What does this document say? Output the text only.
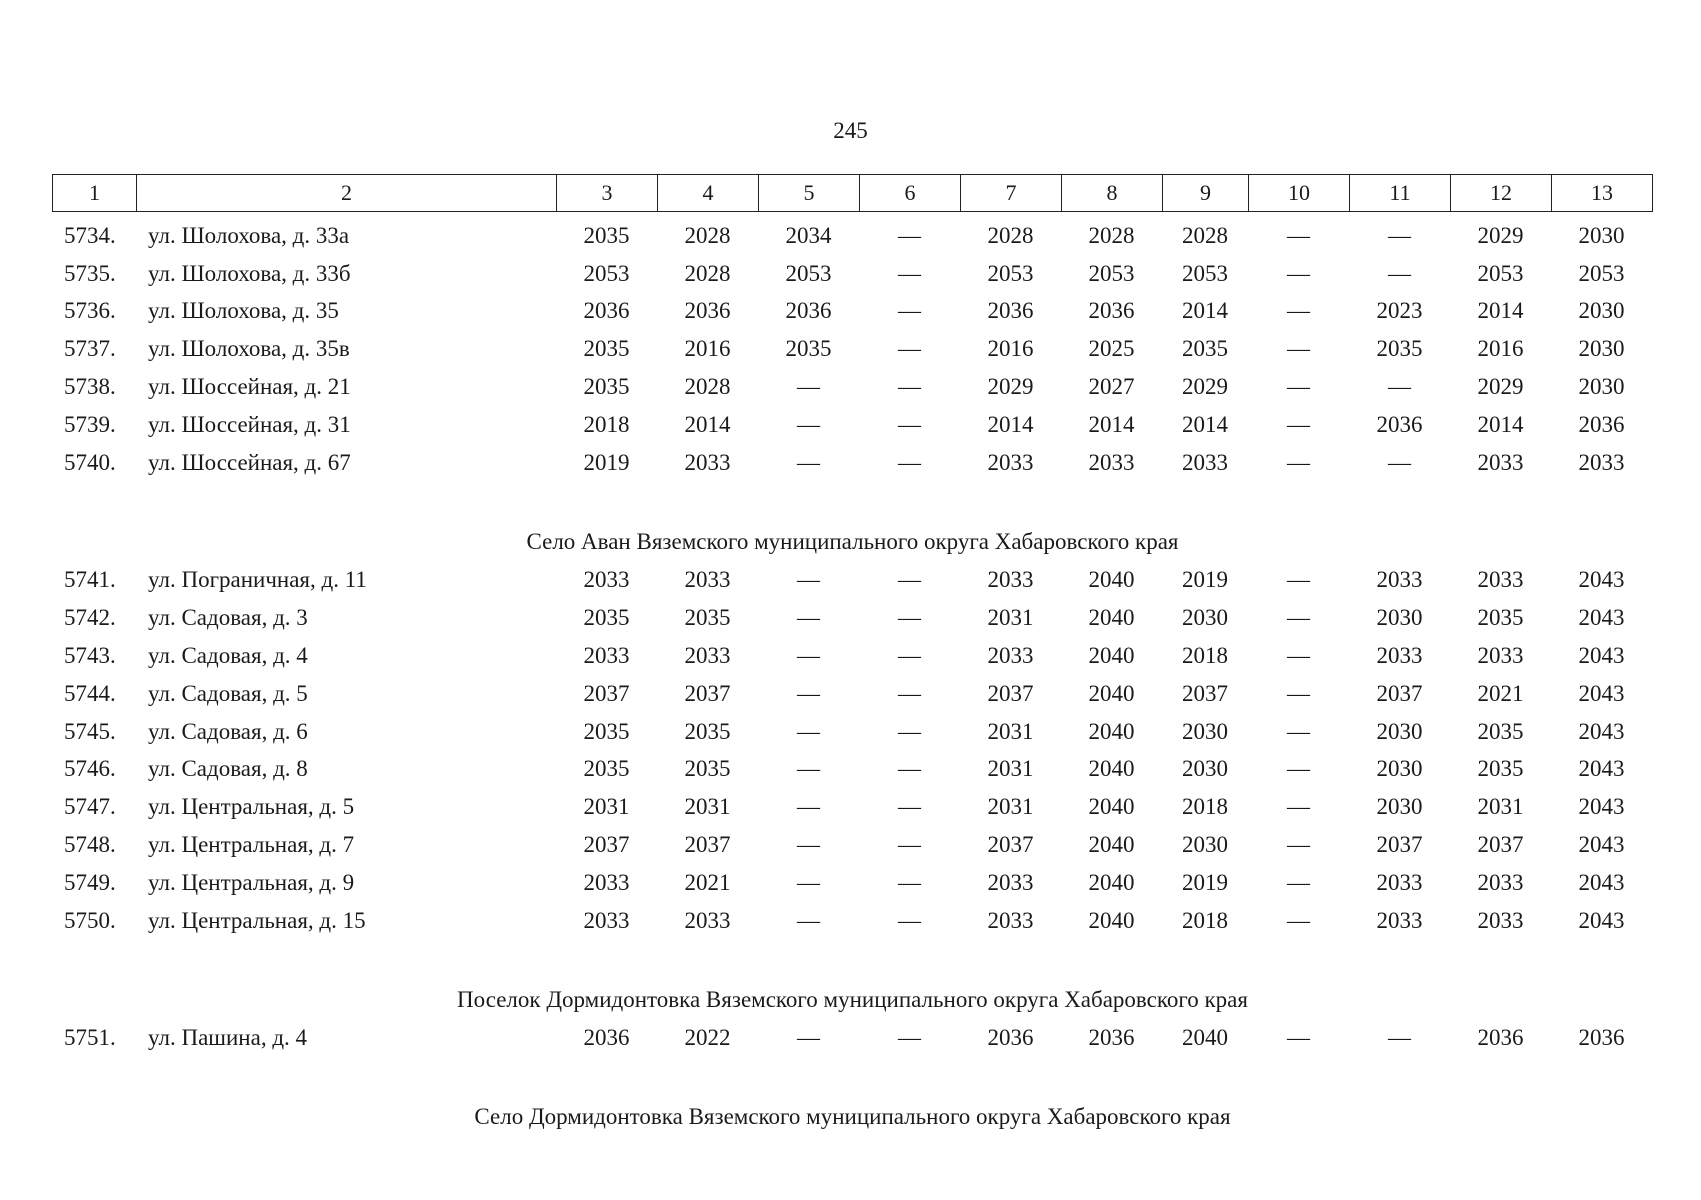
245
1	2	3	4	5	6	7	8	9	10	11	12	13
5734.	ул. Шолохова, д. 33а	2035	2028	2034	—	2028	2028	2028	—	—	2029	2030
5735.	ул. Шолохова, д. 33б	2053	2028	2053	—	2053	2053	2053	—	—	2053	2053
5736.	ул. Шолохова, д. 35	2036	2036	2036	—	2036	2036	2014	—	2023	2014	2030
5737.	ул. Шолохова, д. 35в	2035	2016	2035	—	2016	2025	2035	—	2035	2016	2030
5738.	ул. Шоссейная, д. 21	2035	2028	—	—	2029	2027	2029	—	—	2029	2030
5739.	ул. Шоссейная, д. 31	2018	2014	—	—	2014	2014	2014	—	2036	2014	2036
5740.	ул. Шоссейная, д. 67	2019	2033	—	—	2033	2033	2033	—	—	2033	2033
Село Аван Вяземского муниципального округа Хабаровского края
5741.	ул. Пограничная, д. 11	2033	2033	—	—	2033	2040	2019	—	2033	2033	2043
5742.	ул. Садовая, д. 3	2035	2035	—	—	2031	2040	2030	—	2030	2035	2043
5743.	ул. Садовая, д. 4	2033	2033	—	—	2033	2040	2018	—	2033	2033	2043
5744.	ул. Садовая, д. 5	2037	2037	—	—	2037	2040	2037	—	2037	2021	2043
5745.	ул. Садовая, д. 6	2035	2035	—	—	2031	2040	2030	—	2030	2035	2043
5746.	ул. Садовая, д. 8	2035	2035	—	—	2031	2040	2030	—	2030	2035	2043
5747.	ул. Центральная, д. 5	2031	2031	—	—	2031	2040	2018	—	2030	2031	2043
5748.	ул. Центральная, д. 7	2037	2037	—	—	2037	2040	2030	—	2037	2037	2043
5749.	ул. Центральная, д. 9	2033	2021	—	—	2033	2040	2019	—	2033	2033	2043
5750.	ул. Центральная, д. 15	2033	2033	—	—	2033	2040	2018	—	2033	2033	2043
Поселок Дормидонтовка Вяземского муниципального округа Хабаровского края
5751.	ул. Пашина, д. 4	2036	2022	—	—	2036	2036	2040	—	—	2036	2036
Село Дормидонтовка Вяземского муниципального округа Хабаровского края
